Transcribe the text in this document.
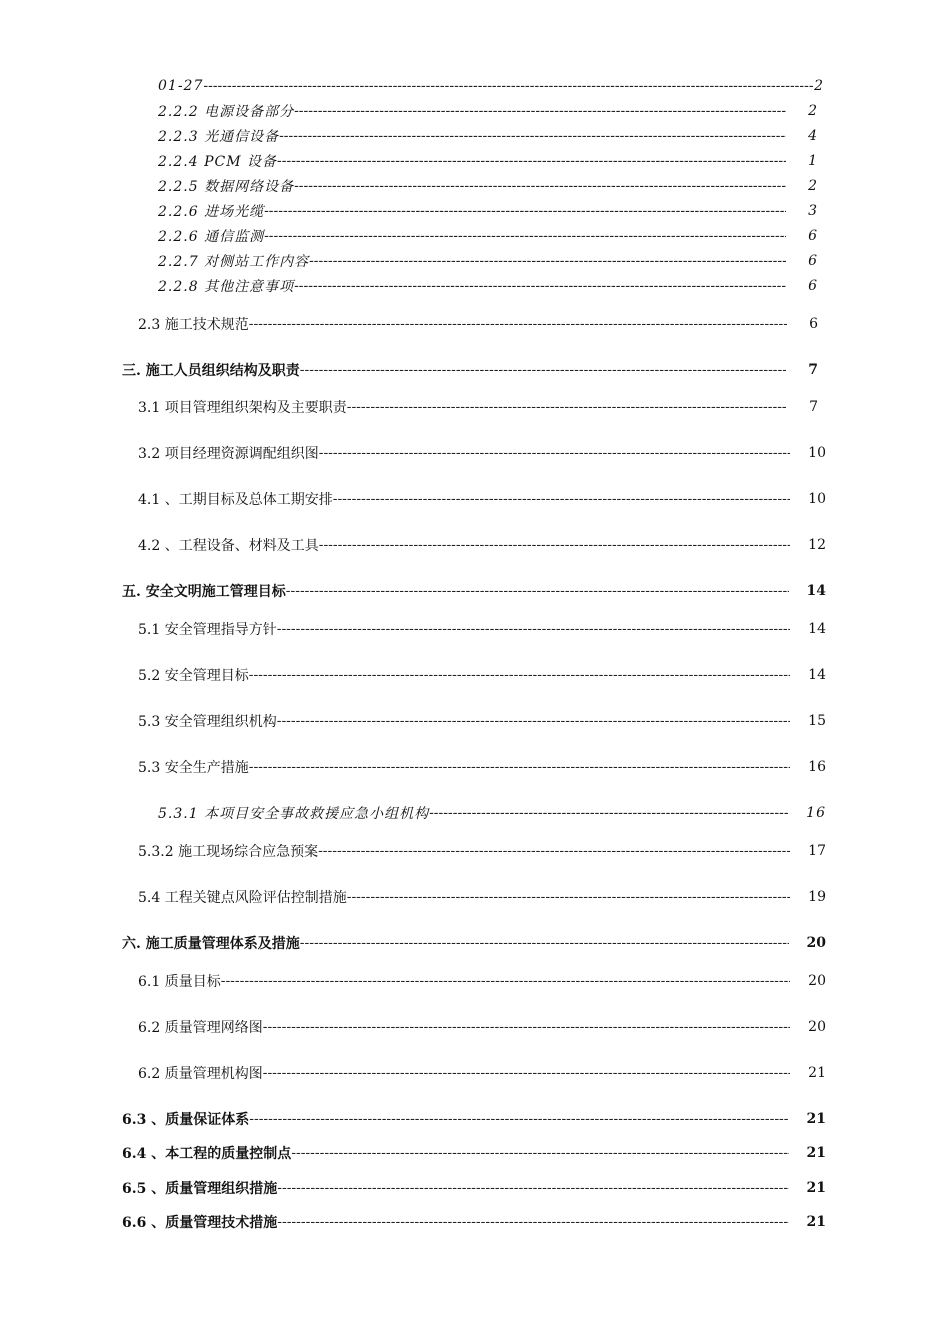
01-27 -----	2
2.2.2 电源设备部分 -----	2
2.2.3 光通信设备 -----	4
2.2.4 PCM 设备 -----	1
2.2.5 数据网络设备 -----	2
2.2.6 进场光缆 -----	3
2.2.6 通信监测 -----	6
2.2.7 对侧站工作内容 -----	6
2.2.8 其他注意事项 -----	6
2.3 施工技术规范 -----	6
三. 施工人员组织结构及职责 -----	7
3.1 项目管理组织架构及主要职责 -----	7
3.2 项目经理资源调配组织图 -----	10
4.1 、工期目标及总体工期安排 -----	10
4.2 、工程设备、材料及工具 -----	12
五. 安全文明施工管理目标 -----	14
5.1 安全管理指导方针 -----	14
5.2 安全管理目标 -----	14
5.3 安全管理组织机构 -----	15
5.3 安全生产措施 -----	16
5.3.1 本项目安全事故救援应急小组机构 -----	16
5.3.2 施工现场综合应急预案 -----	17
5.4 工程关键点风险评估控制措施 -----	19
六. 施工质量管理体系及措施 -----	20
6.1 质量目标 -----	20
6.2 质量管理网络图 -----	20
6.2 质量管理机构图 -----	21
6.3 、质量保证体系 -----	21
6.4 、本工程的质量控制点 -----	21
6.5 、质量管理组织措施 -----	21
6.6 、质量管理技术措施 -----	21
